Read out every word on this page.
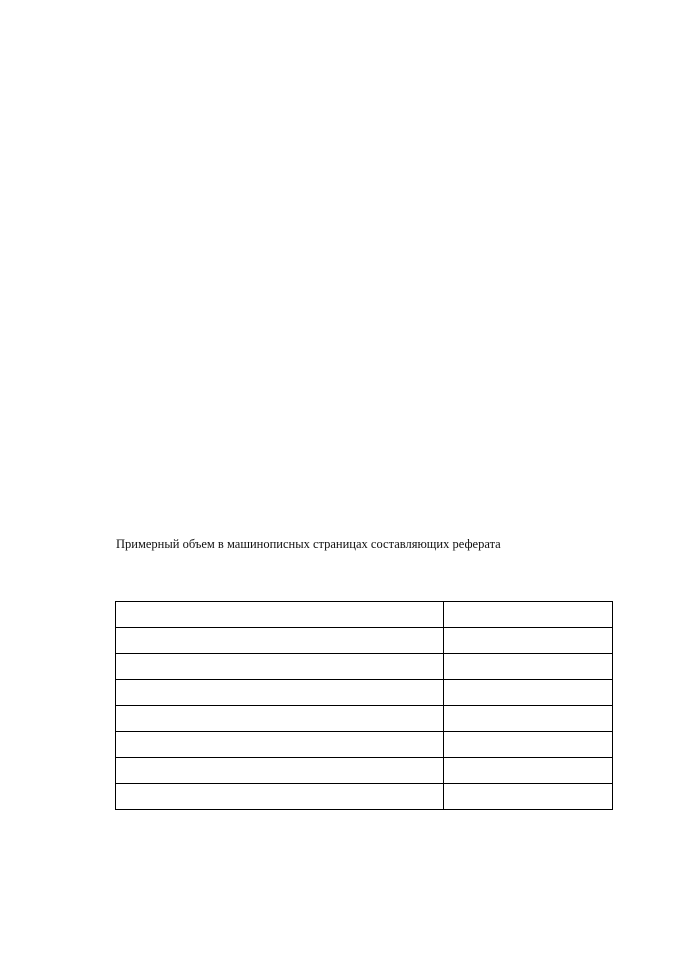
Примерный объем в машинописных страницах составляющих реферата
